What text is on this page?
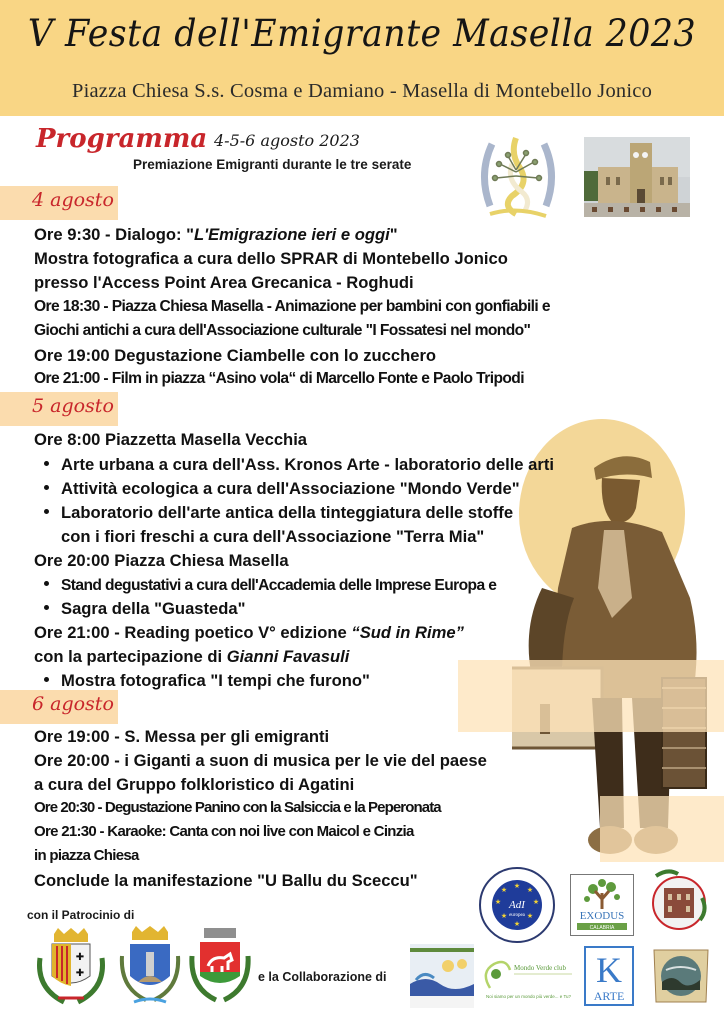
V Festa dell'Emigrante Masella 2023
Piazza Chiesa S.s. Cosma e Damiano - Masella di Montebello Jonico
Programma 4-5-6 agosto 2023
Premiazione Emigranti durante le tre serate
4 agosto
Ore 9:30 - Dialogo: "L'Emigrazione ieri e oggi"
Mostra fotografica a cura dello SPRAR di Montebello Jonico
presso l'Access Point Area Grecanica - Roghudi
Ore 18:30 - Piazza Chiesa Masella - Animazione per bambini con gonfiabili e
Giochi antichi a cura dell'Associazione culturale "I Fossatesi nel mondo"
Ore 19:00 Degustazione Ciambelle con lo zucchero
Ore 21:00 - Film in piazza “Asino vola“ di Marcello Fonte e Paolo Tripodi
5 agosto
Ore 8:00 Piazzetta Masella Vecchia
Arte urbana a cura dell'Ass. Kronos Arte - laboratorio delle arti
Attività ecologica a cura dell'Associazione "Mondo Verde"
Laboratorio dell'arte antica della tinteggiatura delle stoffe
con i fiori freschi a cura dell'Associazione "Terra Mia"
Ore 20:00 Piazza Chiesa Masella
Stand degustativi a cura dell'Accademia delle Imprese Europa e
Sagra della "Guasteda"
Ore 21:00 - Reading poetico V° edizione “Sud in Rime”
con la partecipazione di Gianni Favasuli
Mostra fotografica "I tempi che furono"
6 agosto
Ore 19:00 - S. Messa per gli emigranti
Ore 20:00 - i Giganti a suon di musica per le vie del paese
a cura del Gruppo folkloristico di Agatini
Ore 20:30 - Degustazione Panino con la Salsiccia e la Peperonata
Ore 21:30 - Karaoke: Canta con noi live con Maicol e Cinzia
in piazza Chiesa
Conclude la manifestazione "U Ballu du Sceccu"
con il Patrocinio di
✚
✚	e la Collaborazione di
★ ★
★
★
★
★
★
★
AdI
europea	EXODUS
CALABRIA
Mondo Verde club
Noi siamo per un mondo più verde... e Tu?
K
ARTE
